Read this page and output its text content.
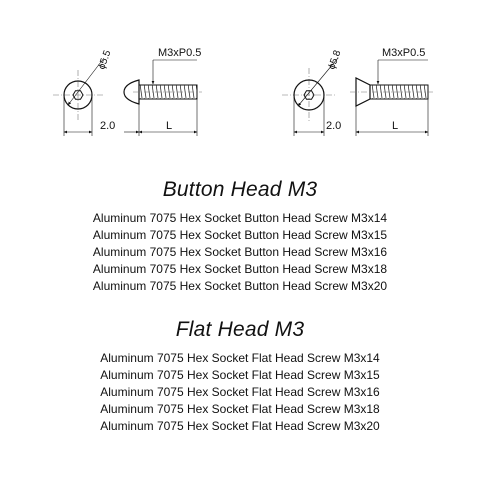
ϕ5.5	M3xP0.5
2.0	L
ϕ5.8	M3xP0.5
2.0	L
Button Head M3
Aluminum 7075 Hex Socket Button Head Screw M3x14
Aluminum 7075 Hex Socket Button Head Screw M3x15
Aluminum 7075 Hex Socket Button Head Screw M3x16
Aluminum 7075 Hex Socket Button Head Screw M3x18
Aluminum 7075 Hex Socket Button Head Screw M3x20
Flat Head M3
Aluminum 7075 Hex Socket Flat Head Screw M3x14
Aluminum 7075 Hex Socket Flat Head Screw M3x15
Aluminum 7075 Hex Socket Flat Head Screw M3x16
Aluminum 7075 Hex Socket Flat Head Screw M3x18
Aluminum 7075 Hex Socket Flat Head Screw M3x20
